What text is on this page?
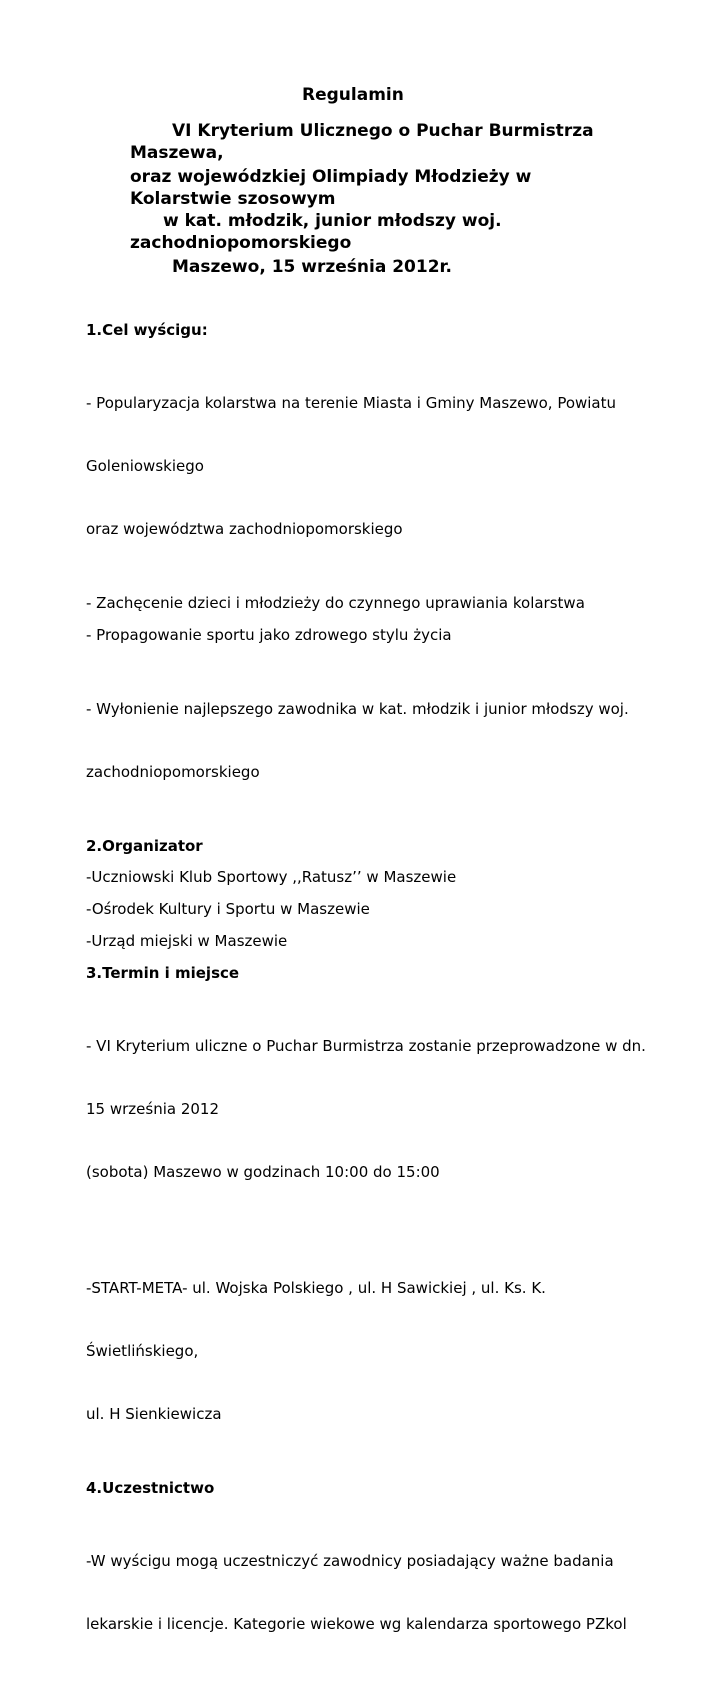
Regulamin
VI Kryterium Ulicznego o Puchar Burmistrza
Maszewa,
oraz wojewódzkiej Olimpiady Młodzieży w
Kolarstwie szosowym
w kat. młodzik, junior młodszy woj.
zachodniopomorskiego
Maszewo, 15 września 2012r.
1.Cel wyścigu:

- Popularyzacja kolarstwa na terenie Miasta i Gminy Maszewo, Powiatu

Goleniowskiego

oraz województwa zachodniopomorskiego

- Zachęcenie dzieci i młodzieży do czynnego uprawiania kolarstwa
- Propagowanie sportu jako zdrowego stylu życia

- Wyłonienie najlepszego zawodnika w kat. młodzik i junior młodszy woj.

zachodniopomorskiego

2.Organizator
-Uczniowski Klub Sportowy ,,Ratusz’’ w Maszewie
-Ośrodek Kultury i Sportu w Maszewie
-Urząd miejski w Maszewie
3.Termin i miejsce

- VI Kryterium uliczne o Puchar Burmistrza zostanie przeprowadzone w dn.

15 września 2012

(sobota) Maszewo w godzinach 10:00 do 15:00

-START-META- ul. Wojska Polskiego , ul. H Sawickiej , ul. Ks. K.

Świetlińskiego,

ul. H Sienkiewicza

4.Uczestnictwo

-W wyścigu mogą uczestniczyć zawodnicy posiadający ważne badania

lekarskie i licencje. Kategorie wiekowe wg kalendarza sportowego PZkol
